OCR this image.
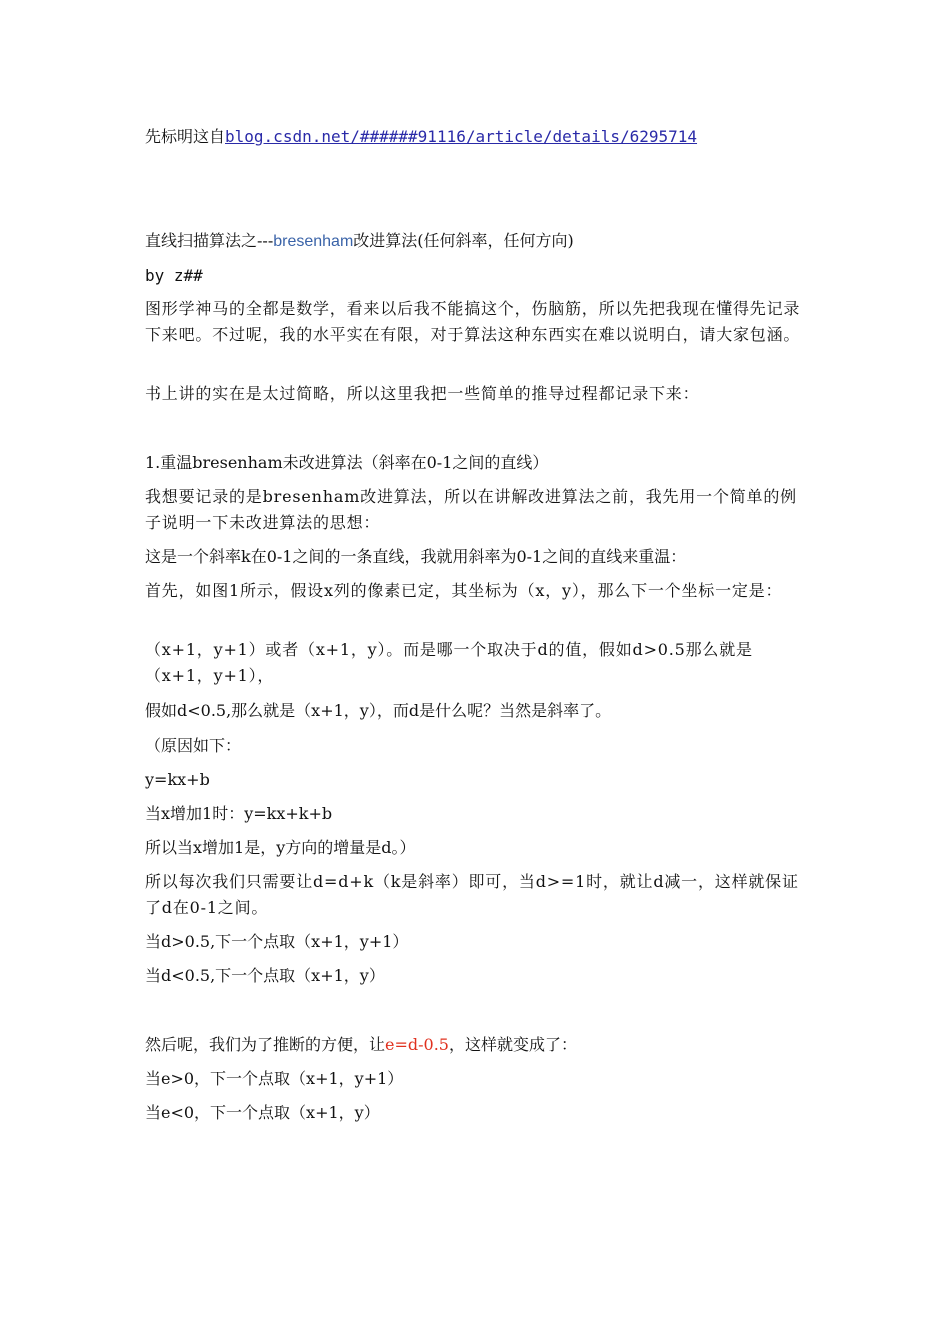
先标明这自blog.csdn.net/######91116/article/details/6295714
直线扫描算法之---bresenham改进算法(任何斜率，任何方向)
by z##
图形学神马的全都是数学，看来以后我不能搞这个，伤脑筋，所以先把我现在懂得先记录下来吧。不过呢，我的水平实在有限，对于算法这种东西实在难以说明白，请大家包涵。
书上讲的实在是太过简略，所以这里我把一些简单的推导过程都记录下来：
1.重温bresenham未改进算法（斜率在0-1之间的直线）
我想要记录的是bresenham改进算法，所以在讲解改进算法之前，我先用一个简单的例子说明一下未改进算法的思想：
这是一个斜率k在0-1之间的一条直线，我就用斜率为0-1之间的直线来重温：
首先，如图1所示，假设x列的像素已定，其坐标为（x，y），那么下一个坐标一定是：
（x+1，y+1）或者（x+1，y）。而是哪一个取决于d的值，假如d>0.5那么就是（x+1，y+1），
假如d<0.5,那么就是（x+1，y），而d是什么呢？当然是斜率了。
（原因如下：
y=kx+b
当x增加1时：y=kx+k+b
所以当x增加1是，y方向的增量是d。）
所以每次我们只需要让d=d+k（k是斜率）即可，当d>=1时，就让d减一，这样就保证了d在0-1之间。
当d>0.5,下一个点取（x+1，y+1）
当d<0.5,下一个点取（x+1，y）
然后呢，我们为了推断的方便，让e=d-0.5，这样就变成了：
当e>0，下一个点取（x+1，y+1）
当e<0，下一个点取（x+1，y）
